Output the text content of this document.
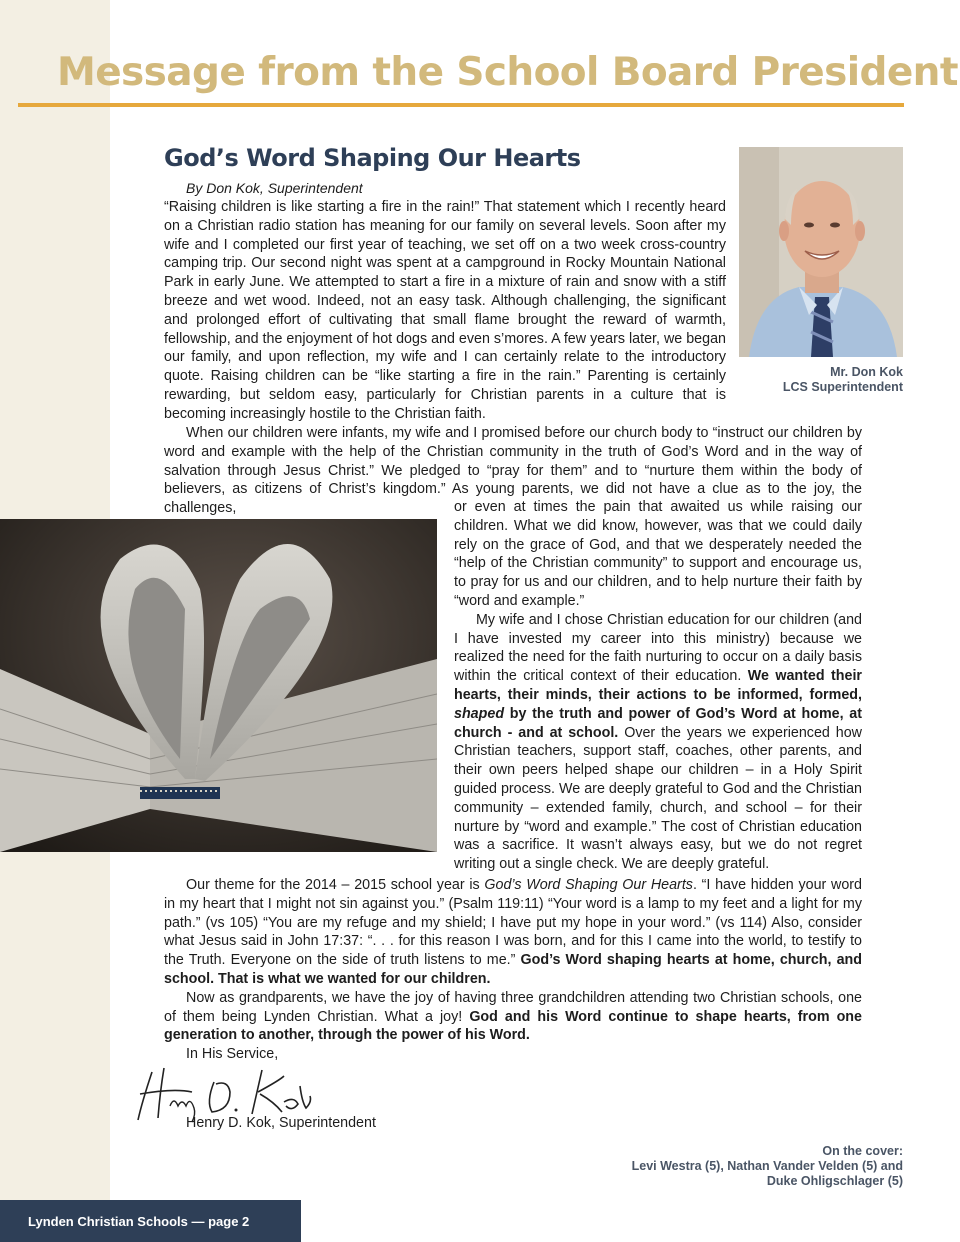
Message from the School Board President
God’s Word Shaping Our Hearts
By Don Kok, Superintendent
Mr. Don Kok
LCS Superintendent

“Raising children is like starting a fire in the rain!” That statement which I recently heard on a Christian radio station has meaning for our family on several levels. Soon after my wife and I completed our first year of teaching, we set off on a two week cross-country camping trip. Our second night was spent at a campground in Rocky Mountain National Park in early June. We attempted to start a fire in a mixture of rain and snow with a stiff breeze and wet wood. Indeed, not an easy task. Although challenging, the significant and prolonged effort of cultivating that small flame brought the reward of warmth, fellowship, and the enjoyment of hot dogs and even s’mores. A few years later, we began our family, and upon reflection, my wife and I can certainly relate to the introductory quote. Raising children can be “like starting a fire in the rain.” Parenting is certainly rewarding, but seldom easy, particularly for Christian parents in a culture that is becoming increasingly hostile to the Christian faith.

When our children were infants, my wife and I promised before our church body to “instruct our children by word and example with the help of the Christian community in the truth of God’s Word and in the way of salvation through Jesus Christ.” We pledged to “pray for them” and to “nurture them within the body of believers, as citizens of Christ’s kingdom.” As young parents, we did not have a clue as to the joy, the challenges,	or even at times the pain that awaited us while raising our children. What we did know, however, was that we could daily rely on the grace of God, and that we desperately needed the “help of the Christian community” to support and encourage us, to pray for us and our children, and to help nurture their faith by “word and example.”

My wife and I chose Christian education for our children (and I have invested my career into this ministry) because we realized the need for the faith nurturing to occur on a daily basis within the critical context of their education. We wanted their hearts, their minds, their actions to be informed, formed, shaped by the truth and power of God’s Word at home, at church - and at school. Over the years we experienced how Christian teachers, support staff, coaches, other parents, and their own peers helped shape our children – in a Holy Spirit guided process. We are deeply grateful to God and the Christian community – extended family, church, and school – for their nurture by “word and example.” The cost of Christian education was a sacrifice. It wasn’t always easy, but we do not regret writing out a single check. We are deeply grateful.

Our theme for the 2014 – 2015 school year is God’s Word Shaping Our Hearts. “I have hidden your word in my heart that I might not sin against you.” (Psalm 119:11) “Your word is a lamp to my feet and a light for my path.” (vs 105) “You are my refuge and my shield; I have put my hope in your word.” (vs 114) Also, consider what Jesus said in John 17:37: “. . . for this reason I was born, and for this I came into the world, to testify to the Truth. Everyone on the side of truth listens to me.” God’s Word shaping hearts at home, church, and school. That is what we wanted for our children.

Now as grandparents, we have the joy of having three grandchildren attending two Christian schools, one of them being Lynden Christian. What a joy! God and his Word continue to shape hearts, from one generation to another, through the power of his Word.

In His Service,

Henry D. Kok, Superintendent
On the cover:
Levi Westra (5), Nathan Vander Velden (5) and
Duke Ohligschlager (5)
Lynden Christian Schools — page 2
